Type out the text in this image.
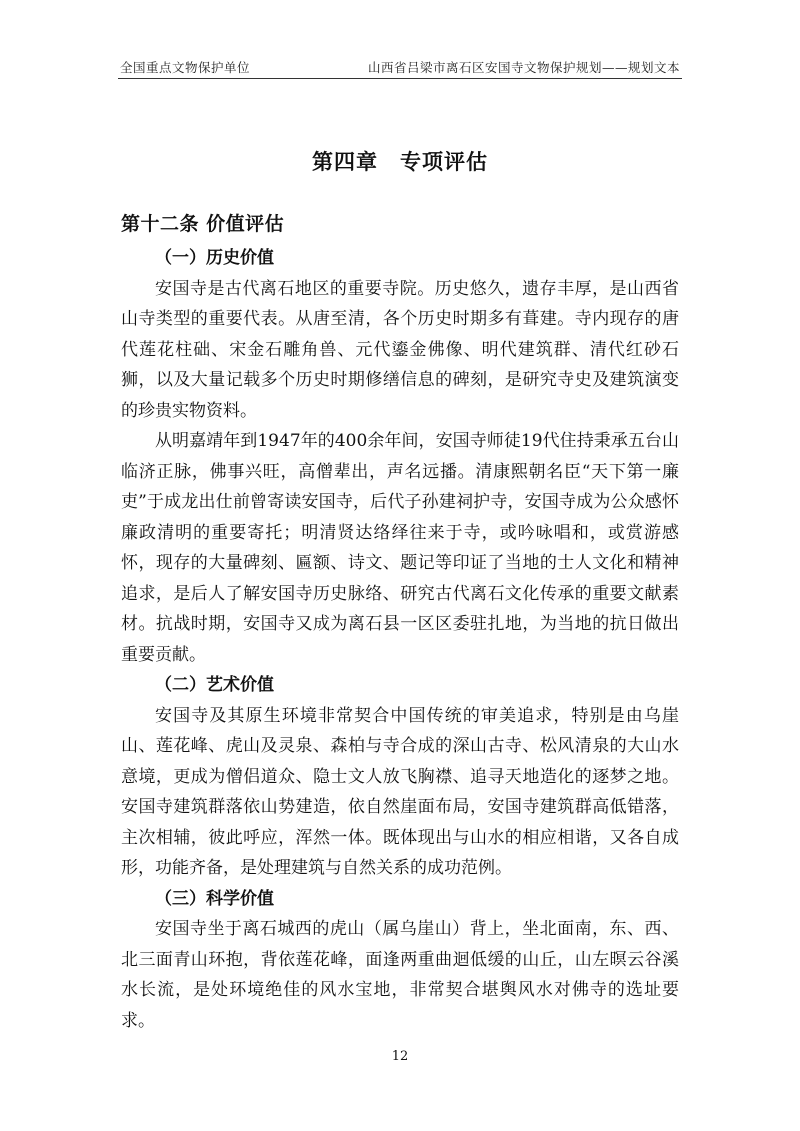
全国重点文物保护单位	山西省吕梁市离石区安国寺文物保护规划——规划文本
第四章　专项评估
第十二条 价值评估
（一）历史价值

安国寺是古代离石地区的重要寺院。历史悠久，遗存丰厚，是山西省山寺类型的重要代表。从唐至清，各个历史时期多有葺建。寺内现存的唐代莲花柱础、宋金石雕角兽、元代鎏金佛像、明代建筑群、清代红砂石狮，以及大量记载多个历史时期修缮信息的碑刻，是研究寺史及建筑演变的珍贵实物资料。

从明嘉靖年到1947年的400余年间，安国寺师徒19代住持秉承五台山临济正脉，佛事兴旺，高僧辈出，声名远播。清康熙朝名臣“天下第一廉吏”于成龙出仕前曾寄读安国寺，后代子孙建祠护寺，安国寺成为公众感怀廉政清明的重要寄托；明清贤达络绎往来于寺，或吟咏唱和，或赏游感怀，现存的大量碑刻、匾额、诗文、题记等印证了当地的士人文化和精神追求，是后人了解安国寺历史脉络、研究古代离石文化传承的重要文献素材。抗战时期，安国寺又成为离石县一区区委驻扎地，为当地的抗日做出重要贡献。

（二）艺术价值

安国寺及其原生环境非常契合中国传统的审美追求，特别是由乌崖山、莲花峰、虎山及灵泉、森柏与寺合成的深山古寺、松风清泉的大山水意境，更成为僧侣道众、隐士文人放飞胸襟、追寻天地造化的逐梦之地。安国寺建筑群落依山势建造，依自然崖面布局，安国寺建筑群高低错落，主次相辅，彼此呼应，浑然一体。既体现出与山水的相应相谐，又各自成形，功能齐备，是处理建筑与自然关系的成功范例。

（三）科学价值

安国寺坐于离石城西的虎山（属乌崖山）背上，坐北面南，东、西、北三面青山环抱，背依莲花峰，面逢两重曲迴低缓的山丘，山左暝云谷溪水长流，是处环境绝佳的风水宝地，非常契合堪舆风水对佛寺的选址要求。

12
